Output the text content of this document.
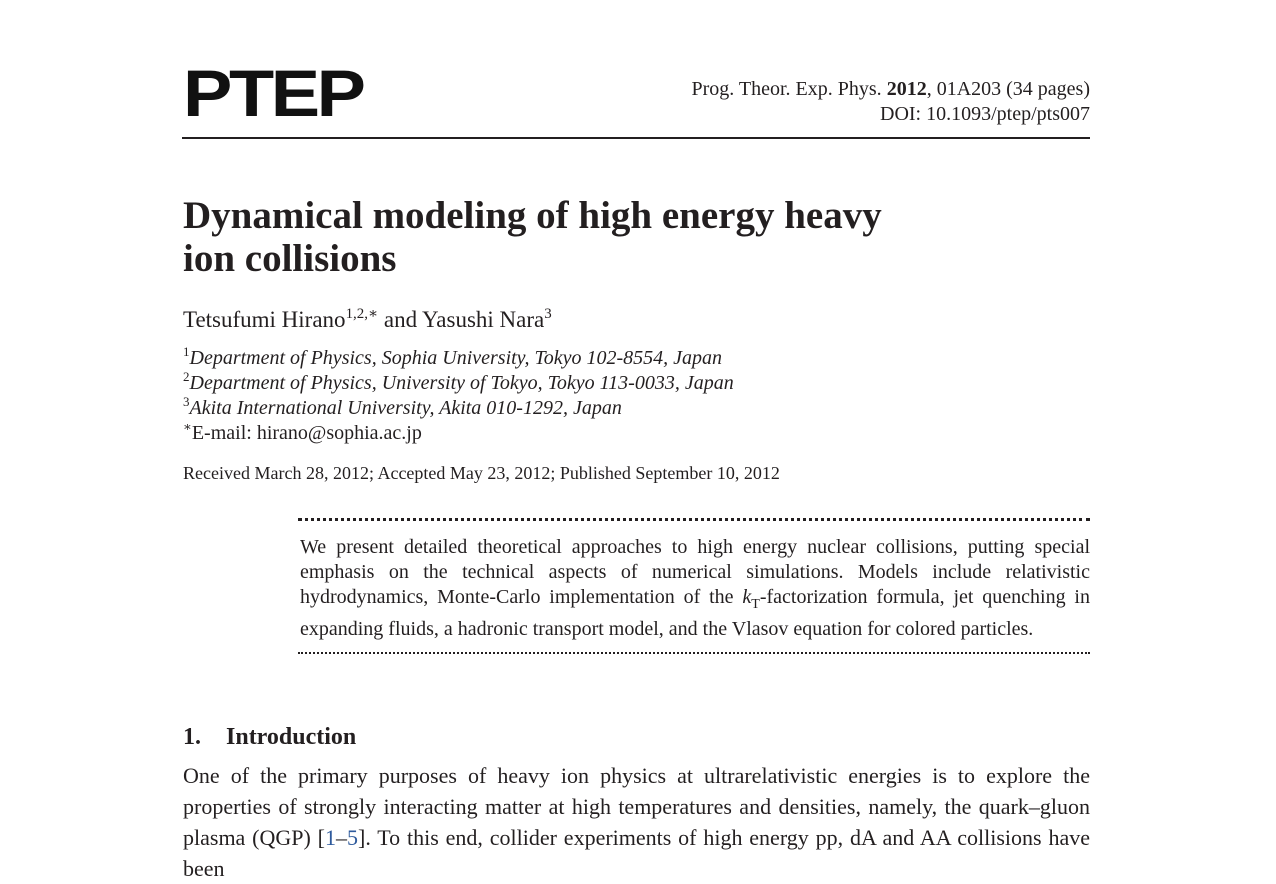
PTEP	Prog. Theor. Exp. Phys. 2012, 01A203 (34 pages)
DOI: 10.1093/ptep/pts007
Dynamical modeling of high energy heavy
ion collisions
Tetsufumi Hirano$^{1,2,∗}$ and Yasushi Nara$^3$
$^1$Department of Physics, Sophia University, Tokyo 102-8554, Japan
$^2$Department of Physics, University of Tokyo, Tokyo 113-0033, Japan
$^3$Akita International University, Akita 010-1292, Japan
∗E-mail: hirano@sophia.ac.jp
Received March 28, 2012; Accepted May 23, 2012; Published September 10, 2012
We present detailed theoretical approaches to high energy nuclear collisions, putting special emphasis on the technical aspects of numerical simulations. Models include relativistic hydrodynamics, Monte-Carlo implementation of the $k_T$-factorization formula, jet quenching in expanding fluids, a hadronic transport model, and the Vlasov equation for colored particles.
1. Introduction
One of the primary purposes of heavy ion physics at ultrarelativistic energies is to explore the properties of strongly interacting matter at high temperatures and densities, namely, the quark–gluon plasma (QGP) [1–5]. To this end, collider experiments of high energy pp, dA and AA collisions have been
